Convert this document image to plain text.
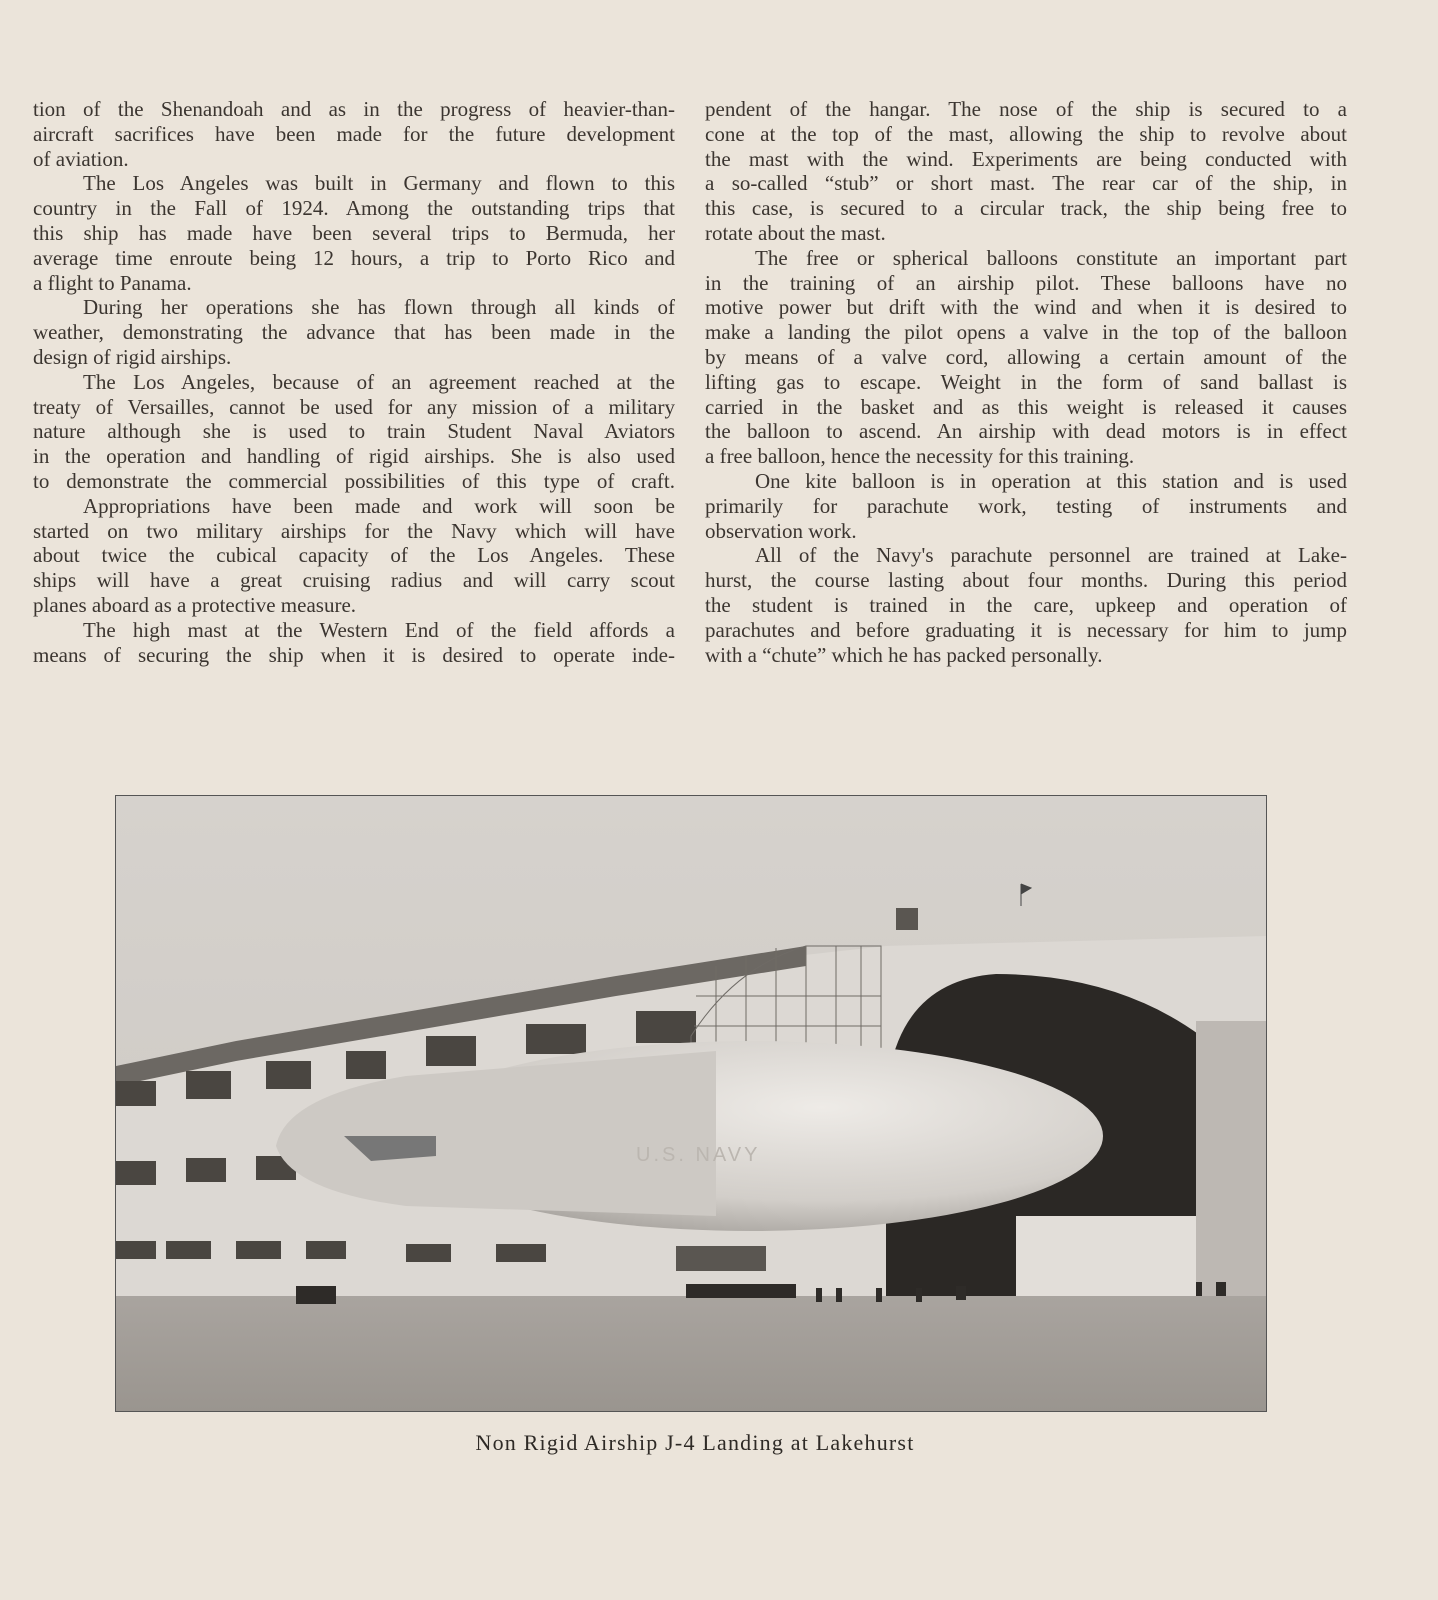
tion of the Shenandoah and as in the progress of heavier-than-
aircraft sacrifices have been made for the future development
of aviation.
The Los Angeles was built in Germany and flown to this
country in the Fall of 1924. Among the outstanding trips that
this ship has made have been several trips to Bermuda, her
average time enroute being 12 hours, a trip to Porto Rico and
a flight to Panama.
During her operations she has flown through all kinds of
weather, demonstrating the advance that has been made in the
design of rigid airships.
The Los Angeles, because of an agreement reached at the
treaty of Versailles, cannot be used for any mission of a military
nature although she is used to train Student Naval Aviators
in the operation and handling of rigid airships. She is also used
to demonstrate the commercial possibilities of this type of craft.
Appropriations have been made and work will soon be
started on two military airships for the Navy which will have
about twice the cubical capacity of the Los Angeles. These
ships will have a great cruising radius and will carry scout
planes aboard as a protective measure.
The high mast at the Western End of the field affords a
means of securing the ship when it is desired to operate inde-
pendent of the hangar. The nose of the ship is secured to a
cone at the top of the mast, allowing the ship to revolve about
the mast with the wind. Experiments are being conducted with
a so-called “stub” or short mast. The rear car of the ship, in
this case, is secured to a circular track, the ship being free to
rotate about the mast.
The free or spherical balloons constitute an important part
in the training of an airship pilot. These balloons have no
motive power but drift with the wind and when it is desired to
make a landing the pilot opens a valve in the top of the balloon
by means of a valve cord, allowing a certain amount of the
lifting gas to escape. Weight in the form of sand ballast is
carried in the basket and as this weight is released it causes
the balloon to ascend. An airship with dead motors is in effect
a free balloon, hence the necessity for this training.
One kite balloon is in operation at this station and is used
primarily for parachute work, testing of instruments and
observation work.
All of the Navy's parachute personnel are trained at Lake-
hurst, the course lasting about four months. During this period
the student is trained in the care, upkeep and operation of
parachutes and before graduating it is necessary for him to jump
with a “chute” which he has packed personally.
U.S. NAVY
Non Rigid Airship J-4 Landing at Lakehurst
